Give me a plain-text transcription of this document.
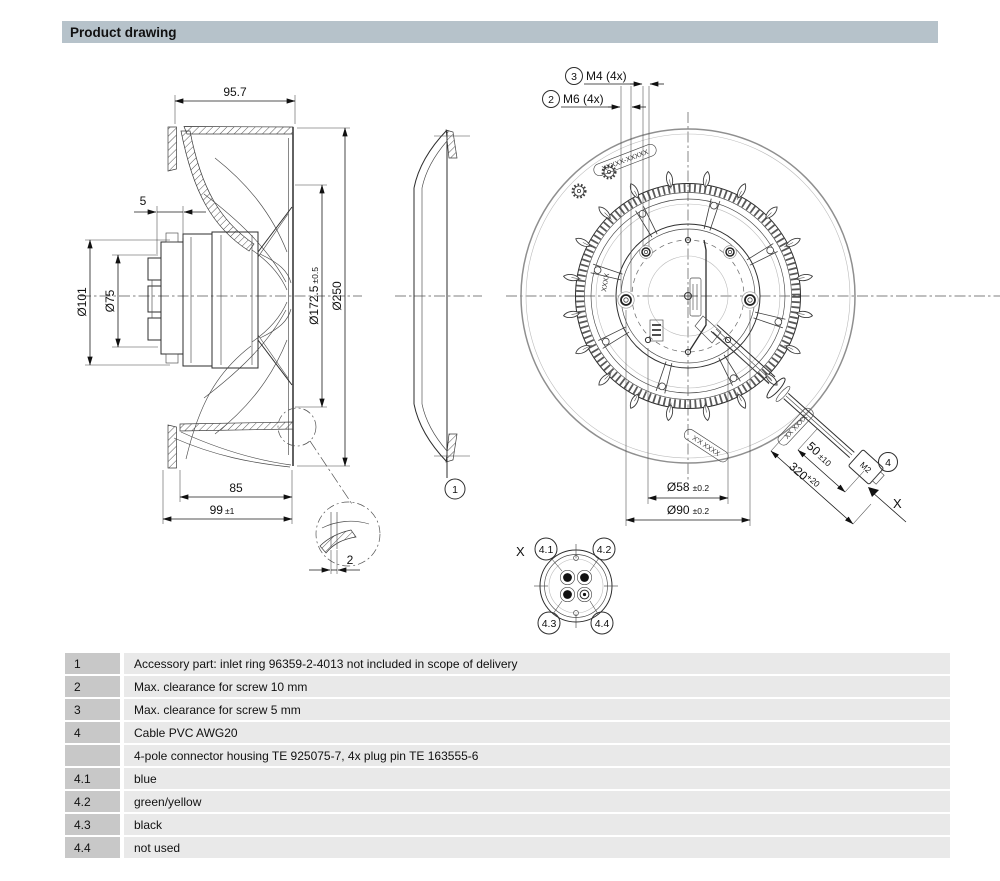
Product drawing
95.7
5
Ø101 Ø75	Ø172.5±0.5
Ø250
85
99 ±1
2
1
XXXX
XXXXX-XXXXX
X'X XXXX
XX XXXX
3 M4 (4x)
2 M6 (4x)
M2 4
X
50±10
$320^{+20}$
Ø58 ±0.2
Ø90 ±0.2
X 4.1	4.2
4.3	4.4
1	Accessory part: inlet ring 96359-2-4013 not included in scope of delivery
2	Max. clearance for screw 10 mm
3	Max. clearance for screw 5 mm
4	Cable PVC AWG20
4-pole connector housing TE 925075-7, 4x plug pin TE 163555-6
4.1	blue
4.2	green/yellow
4.3	black
4.4	not used
